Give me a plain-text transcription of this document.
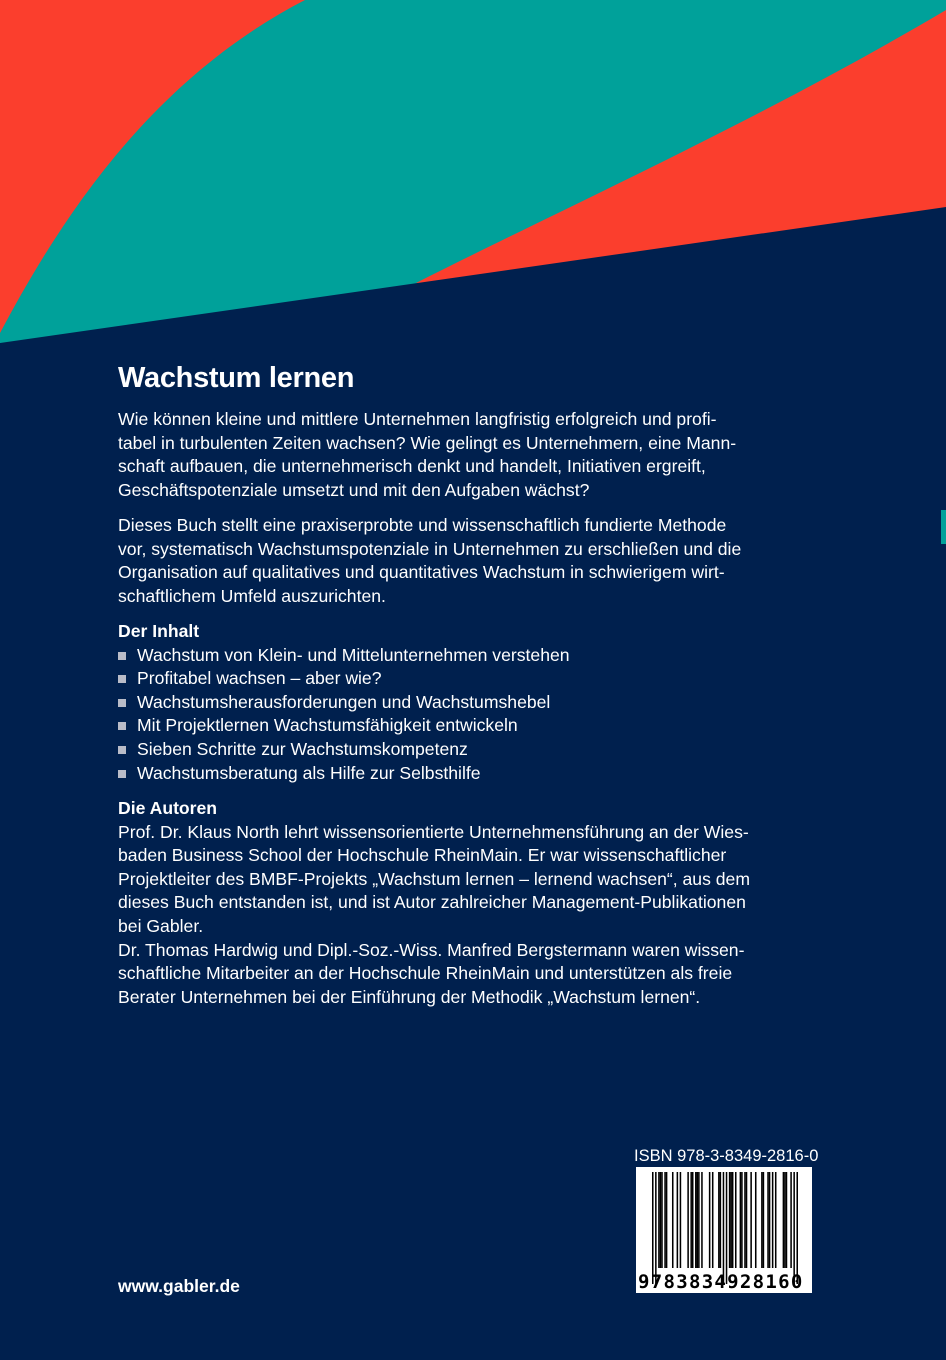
Wachstum lernen
Wie können kleine und mittlere Unternehmen langfristig erfolgreich und profi-
tabel in turbulenten Zeiten wachsen? Wie gelingt es Unternehmern, eine Mann-
schaft aufbauen, die unternehmerisch denkt und handelt, Initiativen ergreift,
Geschäftspotenziale umsetzt und mit den Aufgaben wächst?
Dieses Buch stellt eine praxiserprobte und wissenschaftlich fundierte Methode
vor, systematisch Wachstumspotenziale in Unternehmen zu erschließen und die
Organisation auf qualitatives und quantitatives Wachstum in schwierigem wirt-
schaftlichem Umfeld auszurichten.
Der Inhalt
Wachstum von Klein- und Mittelunternehmen verstehen
Profitabel wachsen – aber wie?
Wachstumsherausforderungen und Wachstumshebel
Mit Projektlernen Wachstumsfähigkeit entwickeln
Sieben Schritte zur Wachstumskompetenz
Wachstumsberatung als Hilfe zur Selbsthilfe
Die Autoren
Prof. Dr. Klaus North lehrt wissensorientierte Unternehmensführung an der Wies-
baden Business School der Hochschule RheinMain. Er war wissenschaftlicher
Projektleiter des BMBF-Projekts „Wachstum lernen – lernend wachsen“, aus dem
dieses Buch entstanden ist, und ist Autor zahlreicher Management-Publikationen
bei Gabler.
Dr. Thomas Hardwig und Dipl.-Soz.-Wiss. Manfred Bergstermann waren wissen-
schaftliche Mitarbeiter an der Hochschule RheinMain und unterstützen als freie
Berater Unternehmen bei der Einführung der Methodik „Wachstum lernen“.
ISBN 978-3-8349-2816-0
9783834928160
www.gabler.de
